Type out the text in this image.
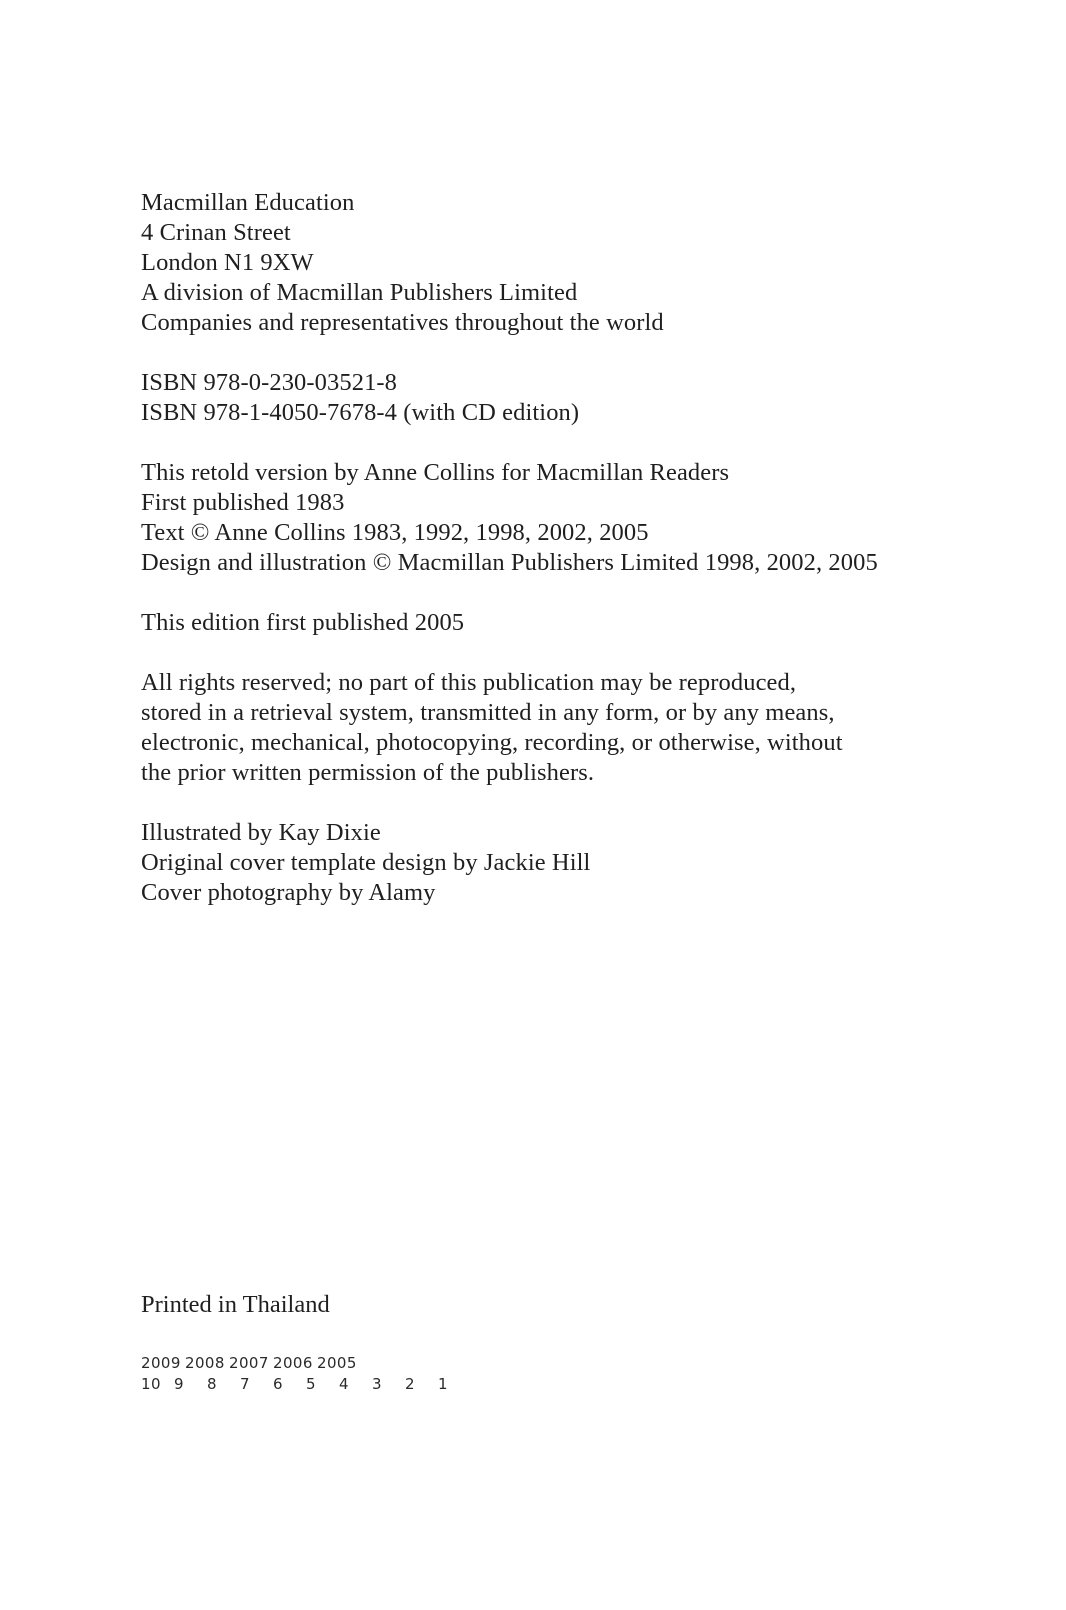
Macmillan Education
4 Crinan Street
London N1 9XW
A division of Macmillan Publishers Limited
Companies and representatives throughout the world
ISBN 978-0-230-03521-8
ISBN 978-1-4050-7678-4 (with CD edition)
This retold version by Anne Collins for Macmillan Readers
First published 1983
Text © Anne Collins 1983, 1992, 1998, 2002, 2005
Design and illustration © Macmillan Publishers Limited 1998, 2002, 2005
This edition first published 2005
All rights reserved; no part of this publication may be reproduced,
stored in a retrieval system, transmitted in any form, or by any means,
electronic, mechanical, photocopying, recording, or otherwise, without
the prior written permission of the publishers.
Illustrated by Kay Dixie
Original cover template design by Jackie Hill
Cover photography by Alamy
Printed in Thailand
2009 2008 2007 2006 2005
10 9 8 7 6 5 4 3 2 1
